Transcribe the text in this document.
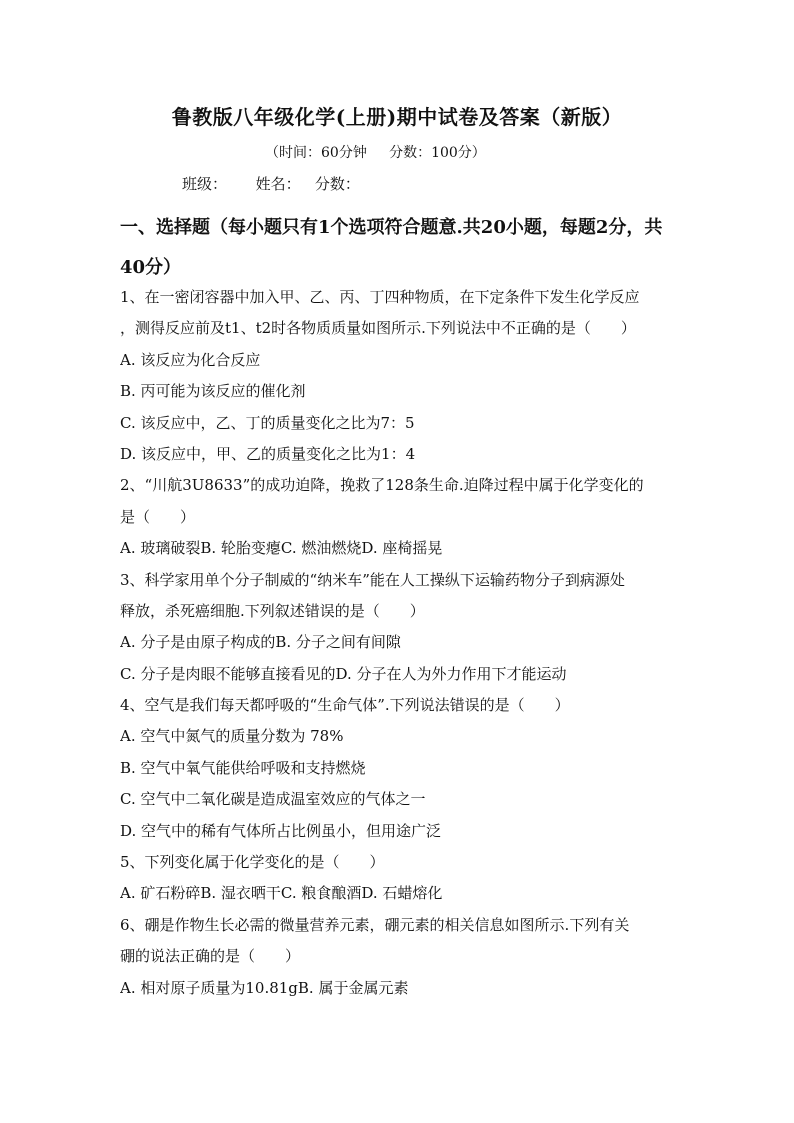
鲁教版八年级化学(上册)期中试卷及答案（新版）
（时间：60分钟     分数：100分）
班级：      姓名：   分数：
一、选择题（每小题只有1个选项符合题意.共20小题，每题2分，共40分）
1、在一密闭容器中加入甲、乙、丙、丁四种物质，在下定条件下发生化学反应
，测得反应前及t1、t2时各物质质量如图所示.下列说法中不正确的是（　　）
A. 该反应为化合反应
B. 丙可能为该反应的催化剂
C. 该反应中，乙、丁的质量变化之比为7：5
D. 该反应中，甲、乙的质量变化之比为1：4
2、“川航3U8633”的成功迫降，挽救了128条生命.迫降过程中属于化学变化的
是（　　）
A. 玻璃破裂B. 轮胎变瘪C. 燃油燃烧D. 座椅摇晃
3、科学家用单个分子制威的“纳米车”能在人工操纵下运输药物分子到病源处
释放，杀死癌细胞.下列叙述错误的是（　　）
A. 分子是由原子构成的B. 分子之间有间隙
C. 分子是肉眼不能够直接看见的D. 分子在人为外力作用下才能运动
4、空气是我们每天都呼吸的“生命气体”.下列说法错误的是（　　）
A. 空气中氮气的质量分数为 78%
B. 空气中氧气能供给呼吸和支持燃烧
C. 空气中二氧化碳是造成温室效应的气体之一
D. 空气中的稀有气体所占比例虽小，但用途广泛
5、下列变化属于化学变化的是（　　）
A. 矿石粉碎B. 湿衣晒干C. 粮食酿酒D. 石蜡熔化
6、硼是作物生长必需的微量营养元素，硼元素的相关信息如图所示.下列有关
硼的说法正确的是（　　）
A. 相对原子质量为10.81gB. 属于金属元素
